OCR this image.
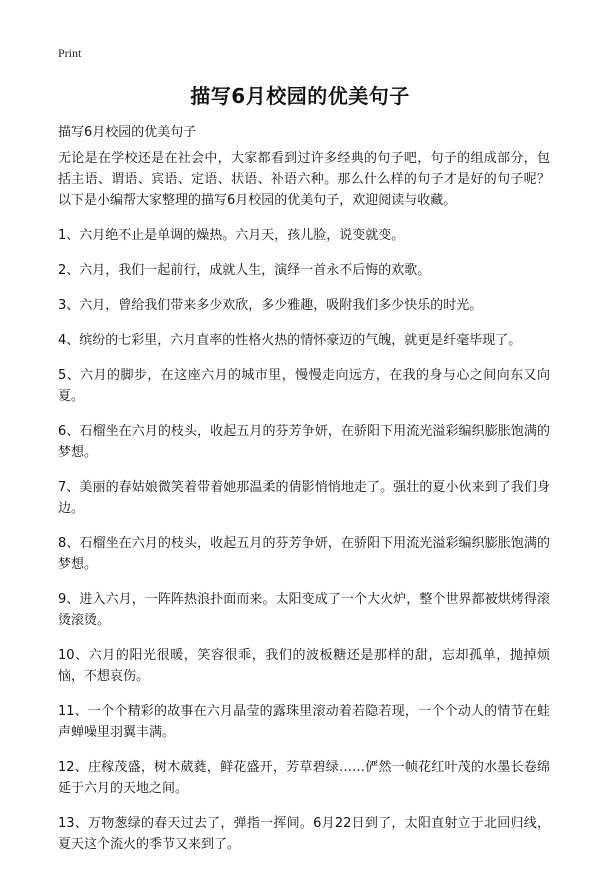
Print
描写6月校园的优美句子

描写6月校园的优美句子

无论是在学校还是在社会中，大家都看到过许多经典的句子吧，句子的组成部分，包括主语、谓语、宾语、定语、状语、补语六种。那么什么样的句子才是好的句子呢？以下是小编帮大家整理的描写6月校园的优美句子，欢迎阅读与收藏。

1、六月绝不止是单调的燥热。六月天，孩儿脸，说变就变。

2、六月，我们一起前行，成就人生，演绎一首永不后悔的欢歌。

3、六月，曾给我们带来多少欢欣，多少雅趣，吸附我们多少快乐的时光。

4、缤纷的七彩里，六月直率的性格火热的情怀豪迈的气魄，就更是纤毫毕现了。

5、六月的脚步，在这座六月的城市里，慢慢走向远方，在我的身与心之间向东又向夏。

6、石榴坐在六月的枝头，收起五月的芬芳争妍，在骄阳下用流光溢彩编织膨胀饱满的梦想。

7、美丽的春姑娘微笑着带着她那温柔的倩影悄悄地走了。强壮的夏小伙来到了我们身边。

8、石榴坐在六月的枝头，收起五月的芬芳争妍，在骄阳下用流光溢彩编织膨胀饱满的梦想。

9、进入六月，一阵阵热浪扑面而来。太阳变成了一个大火炉，整个世界都被烘烤得滚烫滚烫。

10、六月的阳光很暖，笑容很乖，我们的波板糖还是那样的甜，忘却孤单，抛掉烦恼，不想哀伤。

11、一个个精彩的故事在六月晶莹的露珠里滚动着若隐若现，一个个动人的情节在蛙声蝉噪里羽翼丰满。

12、庄稼茂盛，树木葳蕤，鲜花盛开，芳草碧绿……俨然一帧花红叶茂的水墨长卷绵延于六月的天地之间。

13、万物葱绿的春天过去了，弹指一挥间。6月22日到了，太阳直射立于北回归线，夏天这个流火的季节又来到了。
